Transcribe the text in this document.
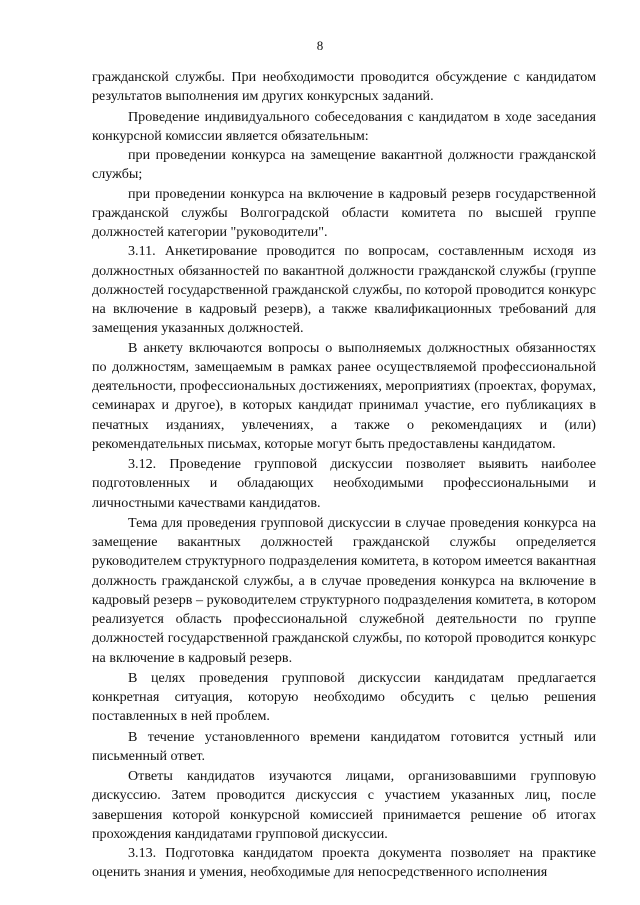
8

гражданской службы. При необходимости проводится обсуждение с кандидатом результатов выполнения им других конкурсных заданий.

Проведение индивидуального собеседования с кандидатом в ходе заседания конкурсной комиссии является обязательным:

при проведении конкурса на замещение вакантной должности гражданской службы;

при проведении конкурса на включение в кадровый резерв государственной гражданской службы Волгоградской области комитета по высшей группе должностей категории "руководители".

3.11. Анкетирование проводится по вопросам, составленным исходя из должностных обязанностей по вакантной должности гражданской службы (группе должностей государственной гражданской службы, по которой проводится конкурс на включение в кадровый резерв), а также квалификационных требований для замещения указанных должностей.

В анкету включаются вопросы о выполняемых должностных обязанностях по должностям, замещаемым в рамках ранее осуществляемой профессиональной деятельности, профессиональных достижениях, мероприятиях (проектах, форумах, семинарах и другое), в которых кандидат принимал участие, его публикациях в печатных изданиях, увлечениях, а также о рекомендациях и (или) рекомендательных письмах, которые могут быть предоставлены кандидатом.

3.12. Проведение групповой дискуссии позволяет выявить наиболее подготовленных и обладающих необходимыми профессиональными и личностными качествами кандидатов.

Тема для проведения групповой дискуссии в случае проведения конкурса на замещение вакантных должностей гражданской службы определяется руководителем структурного подразделения комитета, в котором имеется вакантная должность гражданской службы, а в случае проведения конкурса на включение в кадровый резерв – руководителем структурного подразделения комитета, в котором реализуется область профессиональной служебной деятельности по группе должностей государственной гражданской службы, по которой проводится конкурс на включение в кадровый резерв.

В целях проведения групповой дискуссии кандидатам предлагается конкретная ситуация, которую необходимо обсудить с целью решения поставленных в ней проблем.

В течение установленного времени кандидатом готовится устный или письменный ответ.

Ответы кандидатов изучаются лицами, организовавшими групповую дискуссию. Затем проводится дискуссия с участием указанных лиц, после завершения которой конкурсной комиссией принимается решение об итогах прохождения кандидатами групповой дискуссии.

3.13. Подготовка кандидатом проекта документа позволяет на практике оценить знания и умения, необходимые для непосредственного исполнения
